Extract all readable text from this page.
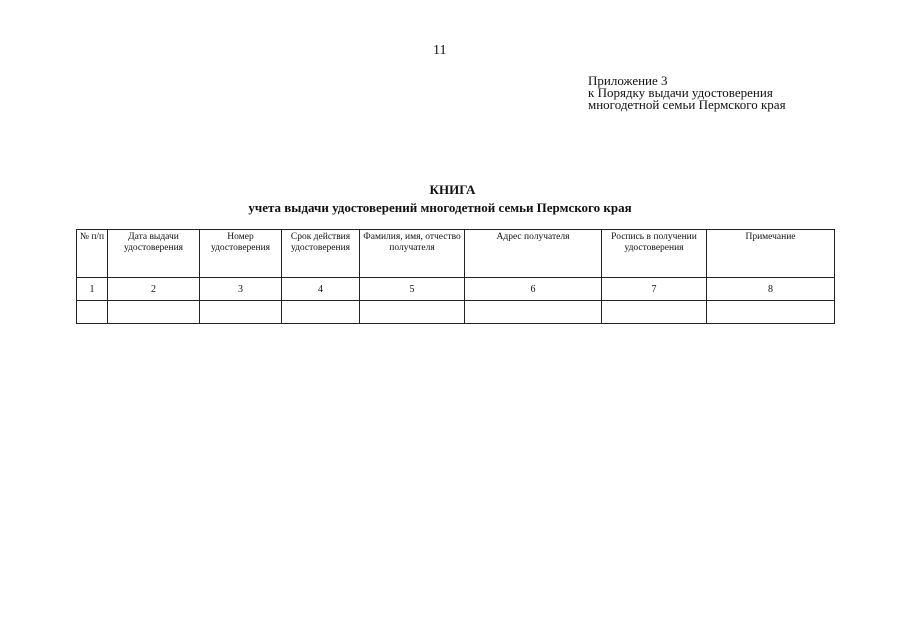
11
Приложение 3
к Порядку выдачи удостоверения
многодетной семьи Пермского края
КНИГА
учета выдачи удостоверений многодетной семьи Пермского края
№ п/п	Дата выдачи удостоверения	Номер удостоверения	Срок действия удостоверения	Фамилия, имя, отчество получателя	Адрес получателя	Роспись в получении удостоверения	Примечание
1	2	3	4	5	6	7	8
